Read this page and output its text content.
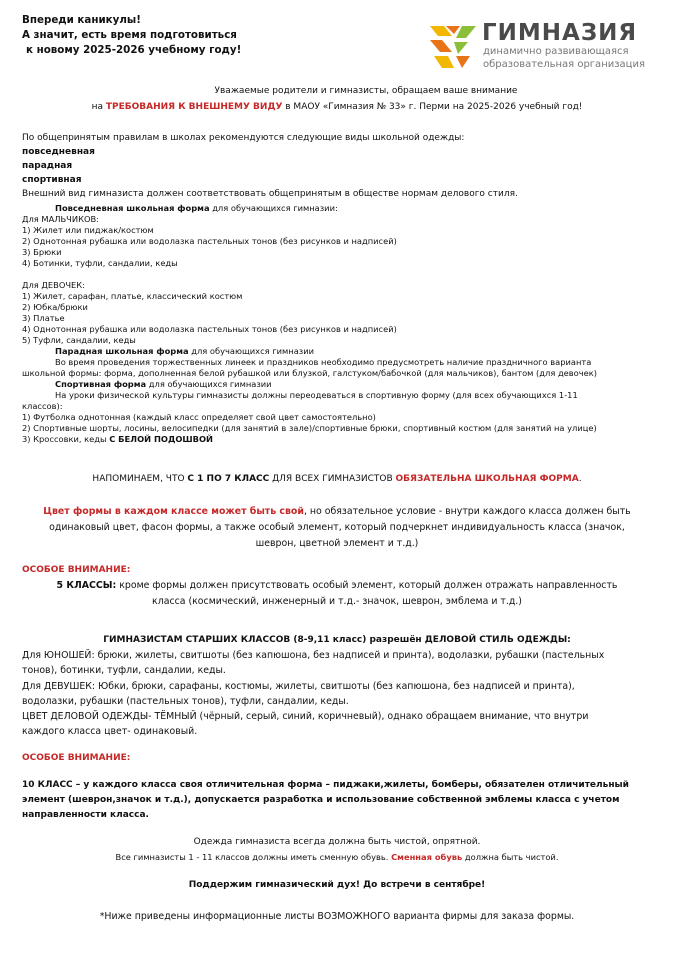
Впереди каникулы!
А значит, есть время подготовиться
к новому 2025-2026 учебному году!
ГИМНАЗИЯ
динамично развивающаяся
образовательная организация
Уважаемые родители и гимназисты, обращаем ваше внимание
на ТРЕБОВАНИЯ К ВНЕШНЕМУ ВИДУ в МАОУ «Гимназия № 33» г. Перми на 2025-2026 учебный год!
По общепринятым правилам в школах рекомендуются следующие виды школьной одежды:
повседневная
парадная
спортивная
Внешний вид гимназиста должен соответствовать общепринятым в обществе нормам делового стиля.
Повседневная школьная форма для обучающихся гимназии:
Для МАЛЬЧИКОВ:
1) Жилет или пиджак/костюм
2) Однотонная рубашка или водолазка пастельных тонов (без рисунков и надписей)
3) Брюки
4) Ботинки, туфли, сандалии, кеды
Для ДЕВОЧЕК:
1) Жилет, сарафан, платье, классический костюм
2) Юбка/брюки
3) Платье
4) Однотонная рубашка или водолазка пастельных тонов (без рисунков и надписей)
5) Туфли, сандалии, кеды
Парадная школьная форма для обучающихся гимназии
Во время проведения торжественных линеек и праздников необходимо предусмотреть наличие праздничного варианта
школьной формы: форма, дополненная белой рубашкой или блузкой, галстуком/бабочкой (для мальчиков), бантом (для девочек)
Спортивная форма для обучающихся гимназии
На уроки физической культуры гимназисты должны переодеваться в спортивную форму (для всех обучающихся 1-11
классов):
1) Футболка однотонная (каждый класс определяет свой цвет самостоятельно)
2) Спортивные шорты, лосины, велосипедки (для занятий в зале)/спортивные брюки, спортивный костюм (для занятий на улице)
3) Кроссовки, кеды С БЕЛОЙ ПОДОШВОЙ
НАПОМИНАЕМ, ЧТО С 1 ПО 7 КЛАСС ДЛЯ ВСЕХ ГИМНАЗИСТОВ ОБЯЗАТЕЛЬНА ШКОЛЬНАЯ ФОРМА.
Цвет формы в каждом классе может быть свой, но обязательное условие - внутри каждого класса должен быть
одинаковый цвет, фасон формы, а также особый элемент, который подчеркнет индивидуальность класса (значок,
шеврон, цветной элемент и т.д.)
ОСОБОЕ ВНИМАНИЕ:
5 КЛАССЫ: кроме формы должен присутствовать особый элемент, который должен отражать направленность
класса (космический, инженерный и т.д.- значок, шеврон, эмблема и т.д.)
ГИМНАЗИСТАМ СТАРШИХ КЛАССОВ (8-9,11 класс) разрешён ДЕЛОВОЙ СТИЛЬ ОДЕЖДЫ:
Для ЮНОШЕЙ: брюки, жилеты, свитшоты (без капюшона, без надписей и принта), водолазки, рубашки (пастельных
тонов), ботинки, туфли, сандалии, кеды.
Для ДЕВУШЕК: Юбки, брюки, сарафаны, костюмы, жилеты, свитшоты (без капюшона, без надписей и принта),
водолазки, рубашки (пастельных тонов), туфли, сандалии, кеды.
ЦВЕТ ДЕЛОВОЙ ОДЕЖДЫ- ТЁМНЫЙ (чёрный, серый, синий, коричневый), однако обращаем внимание, что внутри
каждого класса цвет- одинаковый.
ОСОБОЕ ВНИМАНИЕ:
10 КЛАСС – у каждого класса своя отличительная форма – пиджаки,жилеты, бомберы, обязателен отличительный
элемент (шеврон,значок и т.д.), допускается разработка и использование собственной эмблемы класса с учетом
направленности класса.
Одежда гимназиста всегда должна быть чистой, опрятной.
Все гимназисты 1 - 11 классов должны иметь сменную обувь. Сменная обувь должна быть чистой.
Поддержим гимназический дух! До встречи в сентябре!
*Ниже приведены информационные листы ВОЗМОЖНОГО варианта фирмы для заказа формы.
